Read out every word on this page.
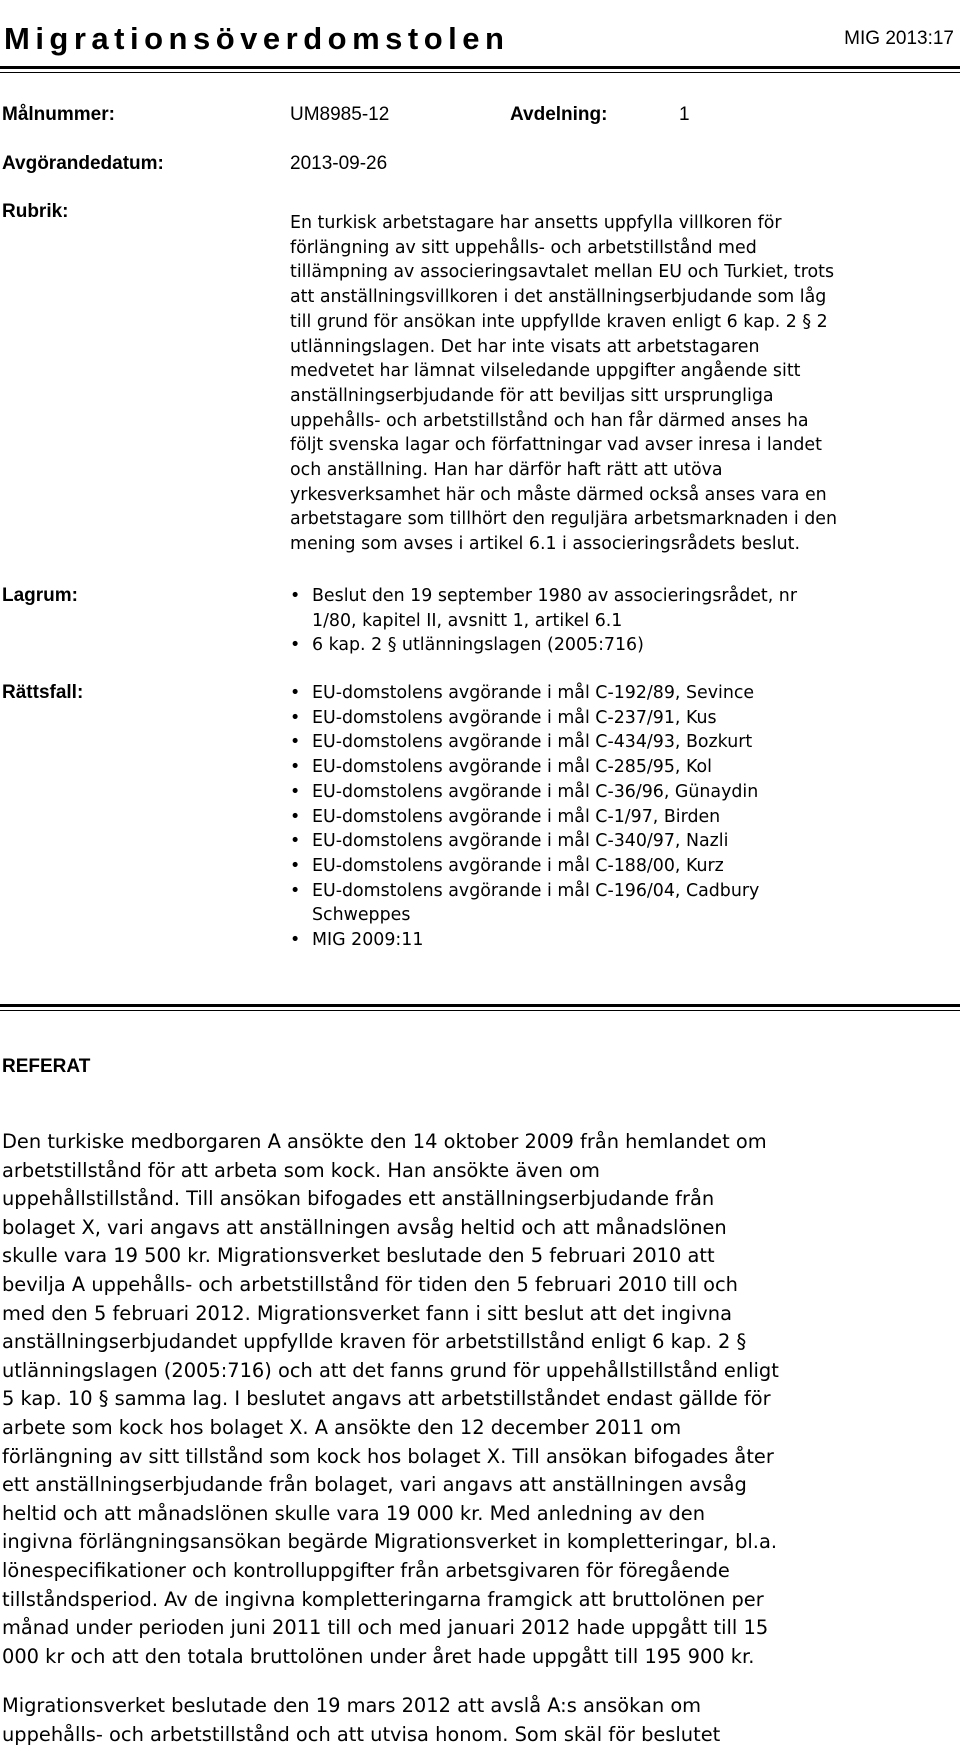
Migrationsöverdomstolen	MIG 2013:17
Målnummer:	UM8985-12	Avdelning:	1
Avgörandedatum:	2013-09-26
Rubrik:
En turkisk arbetstagare har ansetts uppfylla villkoren för
förlängning av sitt uppehålls- och arbetstillstånd med
tillämpning av associeringsavtalet mellan EU och Turkiet, trots
att anställningsvillkoren i det anställningserbjudande som låg
till grund för ansökan inte uppfyllde kraven enligt 6 kap. 2 § 2
utlänningslagen. Det har inte visats att arbetstagaren
medvetet har lämnat vilseledande uppgifter angående sitt
anställningserbjudande för att beviljas sitt ursprungliga
uppehålls- och arbetstillstånd och han får därmed anses ha
följt svenska lagar och författningar vad avser inresa i landet
och anställning. Han har därför haft rätt att utöva
yrkesverksamhet här och måste därmed också anses vara en
arbetstagare som tillhört den reguljära arbetsmarknaden i den
mening som avses i artikel 6.1 i associeringsrådets beslut.
Lagrum:	• Beslut den 19 september 1980 av associeringsrådet, nr
1/80, kapitel II, avsnitt 1, artikel 6.1
• 6 kap. 2 § utlänningslagen (2005:716)
Rättsfall:	• EU-domstolens avgörande i mål C-192/89, Sevince
• EU-domstolens avgörande i mål C-237/91, Kus
• EU-domstolens avgörande i mål C-434/93, Bozkurt
• EU-domstolens avgörande i mål C-285/95, Kol
• EU-domstolens avgörande i mål C-36/96, Günaydin
• EU-domstolens avgörande i mål C-1/97, Birden
• EU-domstolens avgörande i mål C-340/97, Nazli
• EU-domstolens avgörande i mål C-188/00, Kurz
• EU-domstolens avgörande i mål C-196/04, Cadbury
Schweppes
• MIG 2009:11
REFERAT
Den turkiske medborgaren A ansökte den 14 oktober 2009 från hemlandet om
arbetstillstånd för att arbeta som kock. Han ansökte även om
uppehållstillstånd. Till ansökan bifogades ett anställningserbjudande från
bolaget X, vari angavs att anställningen avsåg heltid och att månadslönen
skulle vara 19 500 kr. Migrationsverket beslutade den 5 februari 2010 att
bevilja A uppehålls- och arbetstillstånd för tiden den 5 februari 2010 till och
med den 5 februari 2012. Migrationsverket fann i sitt beslut att det ingivna
anställningserbjudandet uppfyllde kraven för arbetstillstånd enligt 6 kap. 2 §
utlänningslagen (2005:716) och att det fanns grund för uppehållstillstånd enligt
5 kap. 10 § samma lag. I beslutet angavs att arbetstillståndet endast gällde för
arbete som kock hos bolaget X. A ansökte den 12 december 2011 om
förlängning av sitt tillstånd som kock hos bolaget X. Till ansökan bifogades åter
ett anställningserbjudande från bolaget, vari angavs att anställningen avsåg
heltid och att månadslönen skulle vara 19 000 kr. Med anledning av den
ingivna förlängningsansökan begärde Migrationsverket in kompletteringar, bl.a.
lönespecifikationer och kontrolluppgifter från arbetsgivaren för föregående
tillståndsperiod. Av de ingivna kompletteringarna framgick att bruttolönen per
månad under perioden juni 2011 till och med januari 2012 hade uppgått till 15
000 kr och att den totala bruttolönen under året hade uppgått till 195 900 kr.
Migrationsverket beslutade den 19 mars 2012 att avslå A:s ansökan om
uppehålls- och arbetstillstånd och att utvisa honom. Som skäl för beslutet
